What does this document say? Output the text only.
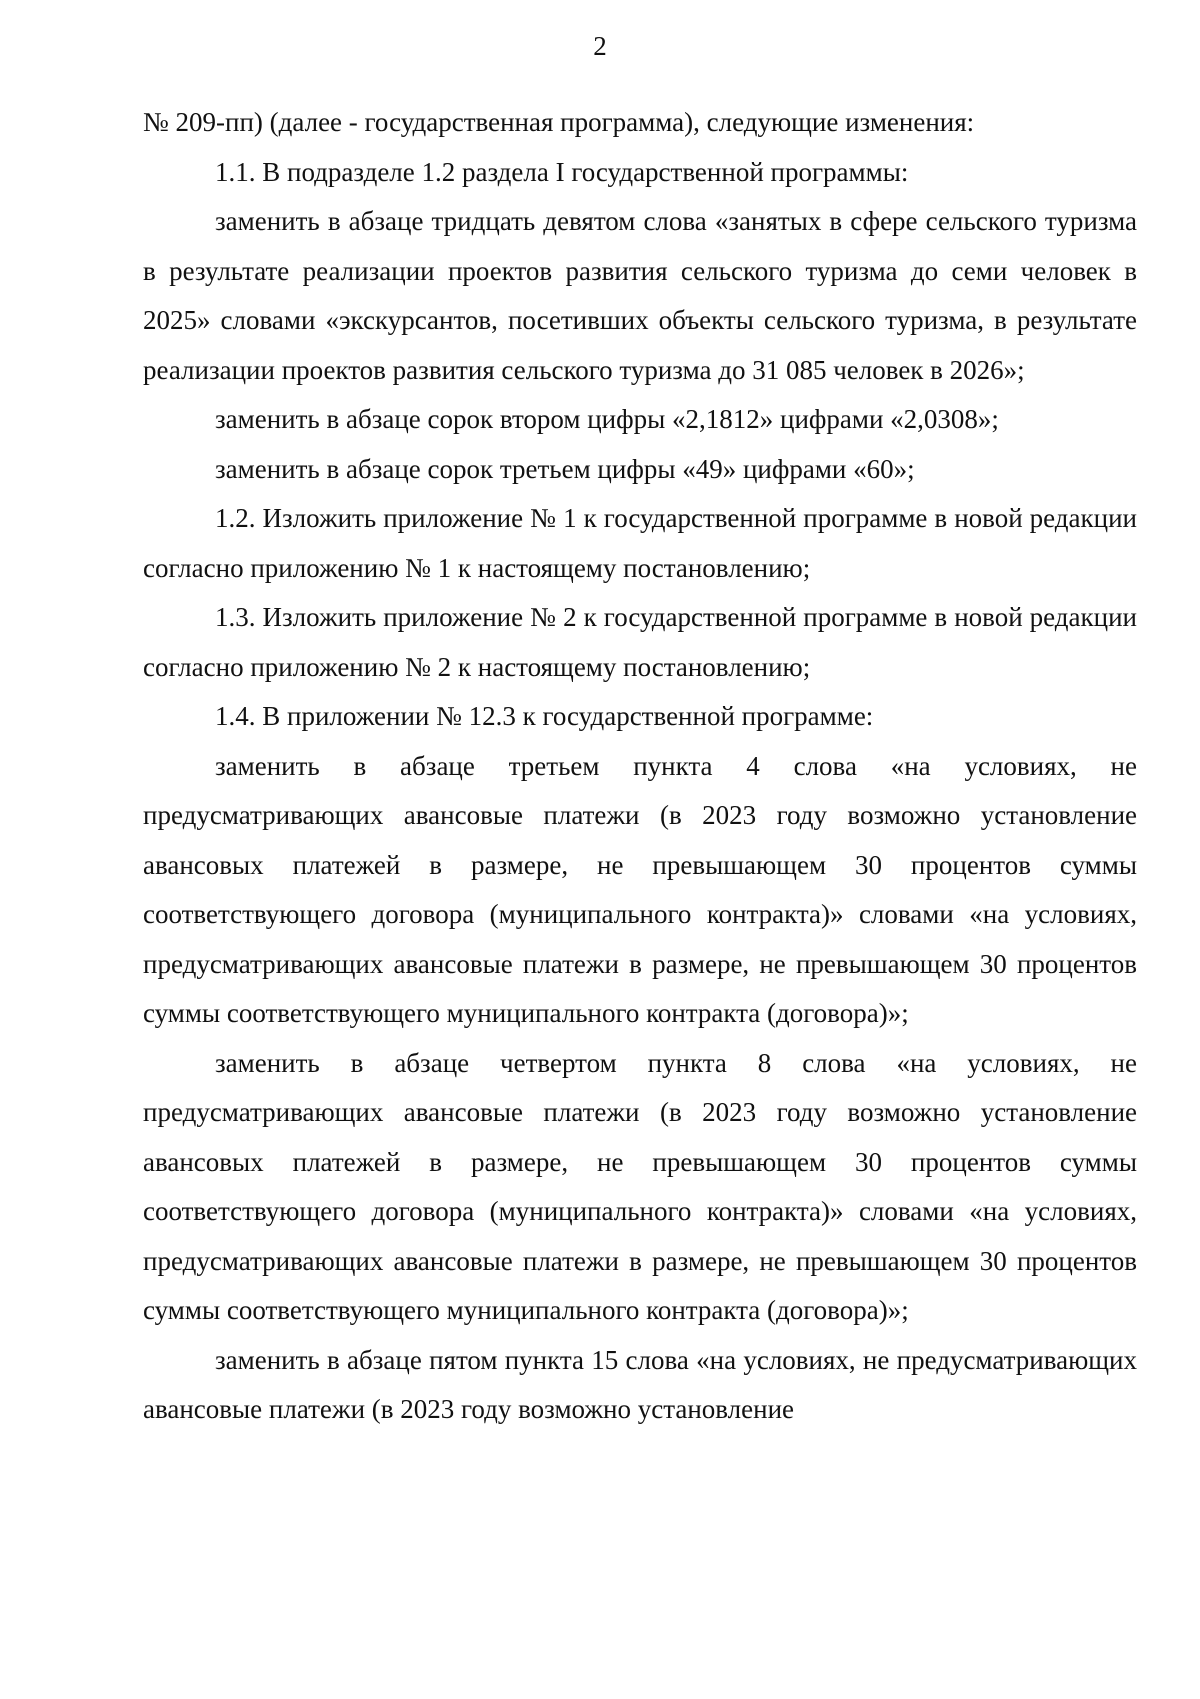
2

№ 209-пп) (далее - государственная программа), следующие изменения:

1.1. В подразделе 1.2 раздела I государственной программы:

заменить в абзаце тридцать девятом слова «занятых в сфере сельского туризма в результате реализации проектов развития сельского туризма до семи человек в 2025» словами «экскурсантов, посетивших объекты сельского туризма, в результате реализации проектов развития сельского туризма до 31 085 человек в 2026»;

заменить в абзаце сорок втором цифры «2,1812» цифрами «2,0308»;

заменить в абзаце сорок третьем цифры «49» цифрами «60»;

1.2. Изложить приложение № 1 к государственной программе в новой редакции согласно приложению № 1 к настоящему постановлению;

1.3. Изложить приложение № 2 к государственной программе в новой редакции согласно приложению № 2 к настоящему постановлению;

1.4. В приложении № 12.3 к государственной программе:

заменить в абзаце третьем пункта 4 слова «на условиях, не предусматривающих авансовые платежи (в 2023 году возможно установление авансовых платежей в размере, не превышающем 30 процентов суммы соответствующего договора (муниципального контракта)» словами «на условиях, предусматривающих авансовые платежи в размере, не превышающем 30 процентов суммы соответствующего муниципального контракта (договора)»;

заменить в абзаце четвертом пункта 8 слова «на условиях, не предусматривающих авансовые платежи (в 2023 году возможно установление авансовых платежей в размере, не превышающем 30 процентов суммы соответствующего договора (муниципального контракта)» словами «на условиях, предусматривающих авансовые платежи в размере, не превышающем 30 процентов суммы соответствующего муниципального контракта (договора)»;

заменить в абзаце пятом пункта 15 слова «на условиях, не предусматривающих авансовые платежи (в 2023 году возможно установление
